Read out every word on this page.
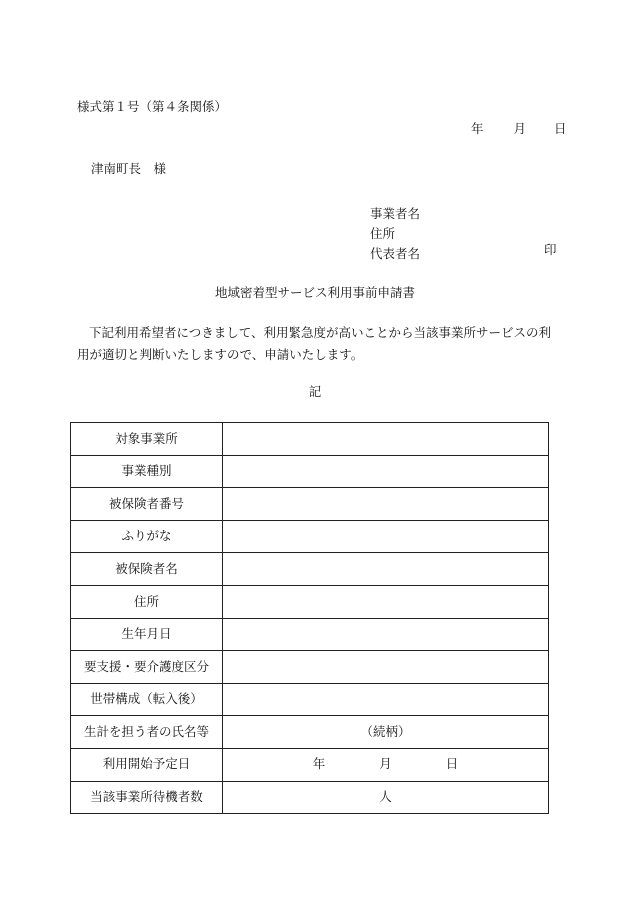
様式第１号（第４条関係）
年 月 日
津南町長　様
事業者名
住所
代表者名	印
地域密着型サービス利用事前申請書
下記利用希望者につきまして、利用緊急度が高いことから当該事業所サービスの利用が適切と判断いたしますので、申請いたします。
記
対象事業所	
事業種別	
被保険者番号	
ふりがな	
被保険者名	
住所	
生年月日	
要支援・要介護度区分	
世帯構成（転入後）	
生計を担う者の氏名等	（続柄）
利用開始予定日	年 月 日
当該事業所待機者数	人
